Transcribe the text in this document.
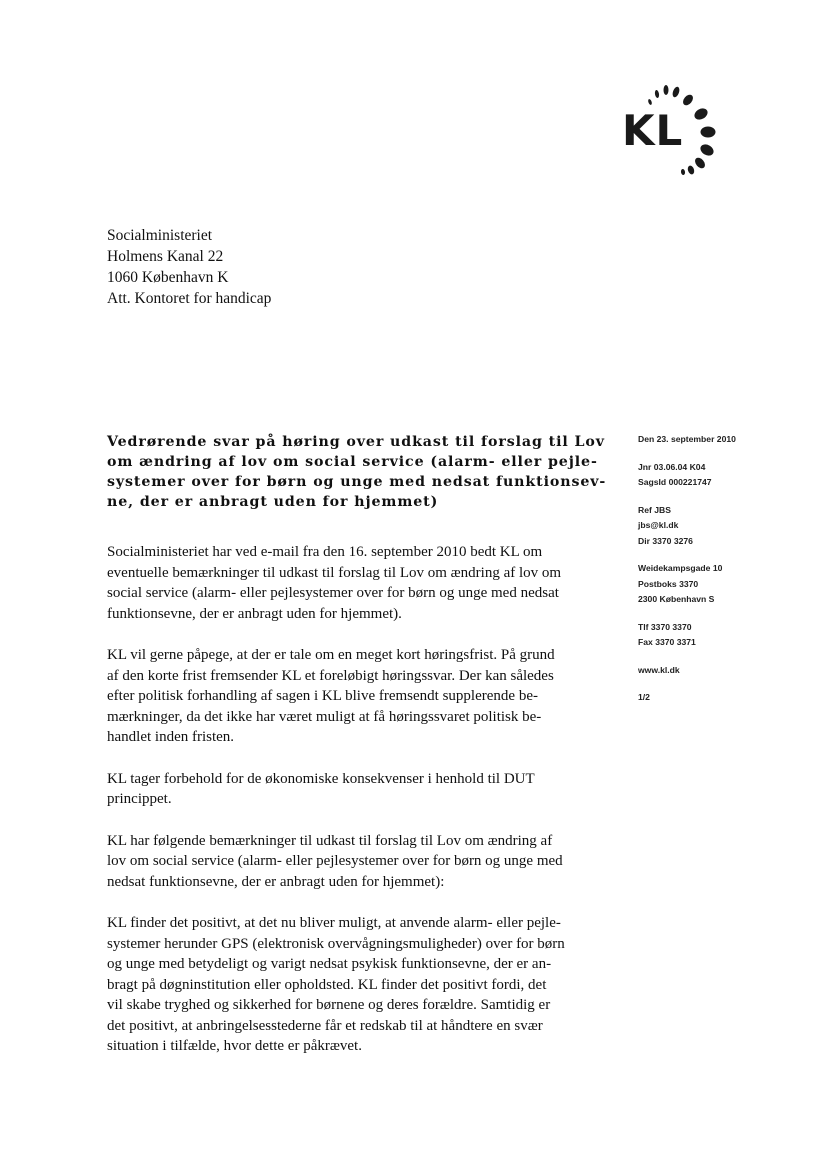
KL
Socialministeriet
Holmens Kanal 22
1060 København K
Att. Kontoret for handicap
Vedrørende svar på høring over udkast til forslag til Lov
om ændring af lov om social service (alarm- eller pejle-
systemer over for børn og unge med nedsat funktionsev-
ne, der er anbragt uden for hjemmet)
Socialministeriet har ved e-mail fra den 16. september 2010 bedt KL om
eventuelle bemærkninger til udkast til forslag til Lov om ændring af lov om
social service (alarm- eller pejlesystemer over for børn og unge med nedsat
funktionsevne, der er anbragt uden for hjemmet).
KL vil gerne påpege, at der er tale om en meget kort høringsfrist. På grund
af den korte frist fremsender KL et foreløbigt høringssvar. Der kan således
efter politisk forhandling af sagen i KL blive fremsendt supplerende be-
mærkninger, da det ikke har været muligt at få høringssvaret politisk be-
handlet inden fristen.
KL tager forbehold for de økonomiske konsekvenser i henhold til DUT
princippet.
KL har følgende bemærkninger til udkast til forslag til Lov om ændring af
lov om social service (alarm- eller pejlesystemer over for børn og unge med
nedsat funktionsevne, der er anbragt uden for hjemmet):
KL finder det positivt, at det nu bliver muligt, at anvende alarm- eller pejle-
systemer herunder GPS (elektronisk overvågningsmuligheder) over for børn
og unge med betydeligt og varigt nedsat psykisk funktionsevne, der er an-
bragt på døgninstitution eller opholdsted. KL finder det positivt fordi, det
vil skabe tryghed og sikkerhed for børnene og deres forældre. Samtidig er
det positivt, at anbringelsesstederne får et redskab til at håndtere en svær
situation i tilfælde, hvor dette er påkrævet.
Den 23. september 2010
Jnr 03.06.04 K04
SagsId 000221747
Ref JBS
jbs@kl.dk
Dir 3370 3276
Weidekampsgade 10
Postboks 3370
2300 København S
Tlf 3370 3370
Fax 3370 3371
www.kl.dk
1/2
